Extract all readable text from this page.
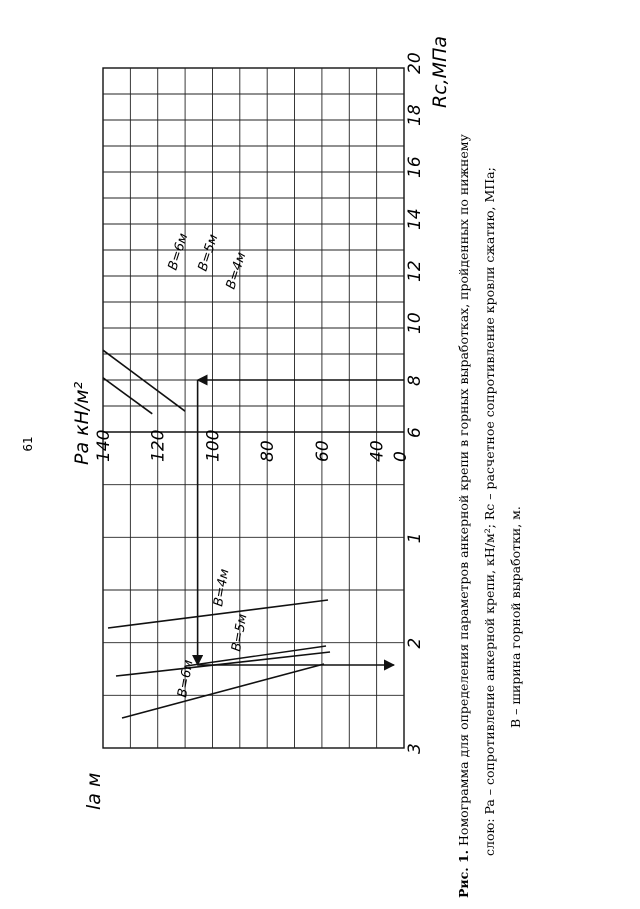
61
B=6м B=5м B=4м
B=4м
B=5м
B=6м
6
8
10
12
14
16
18
20
140 120 100 80 60 40 0
1
2
3
Rc,МПа
Pa кН/м²
la м
Рис. 1. Номограмма для определения параметров анкерной крепи в горных выработках, пройденных по нижнему слою: Pa – сопротивление анкерной крепи, кН/м²; Rc – расчетное сопротивление кровли сжатию, МПа; B – ширина горной выработки, м.
